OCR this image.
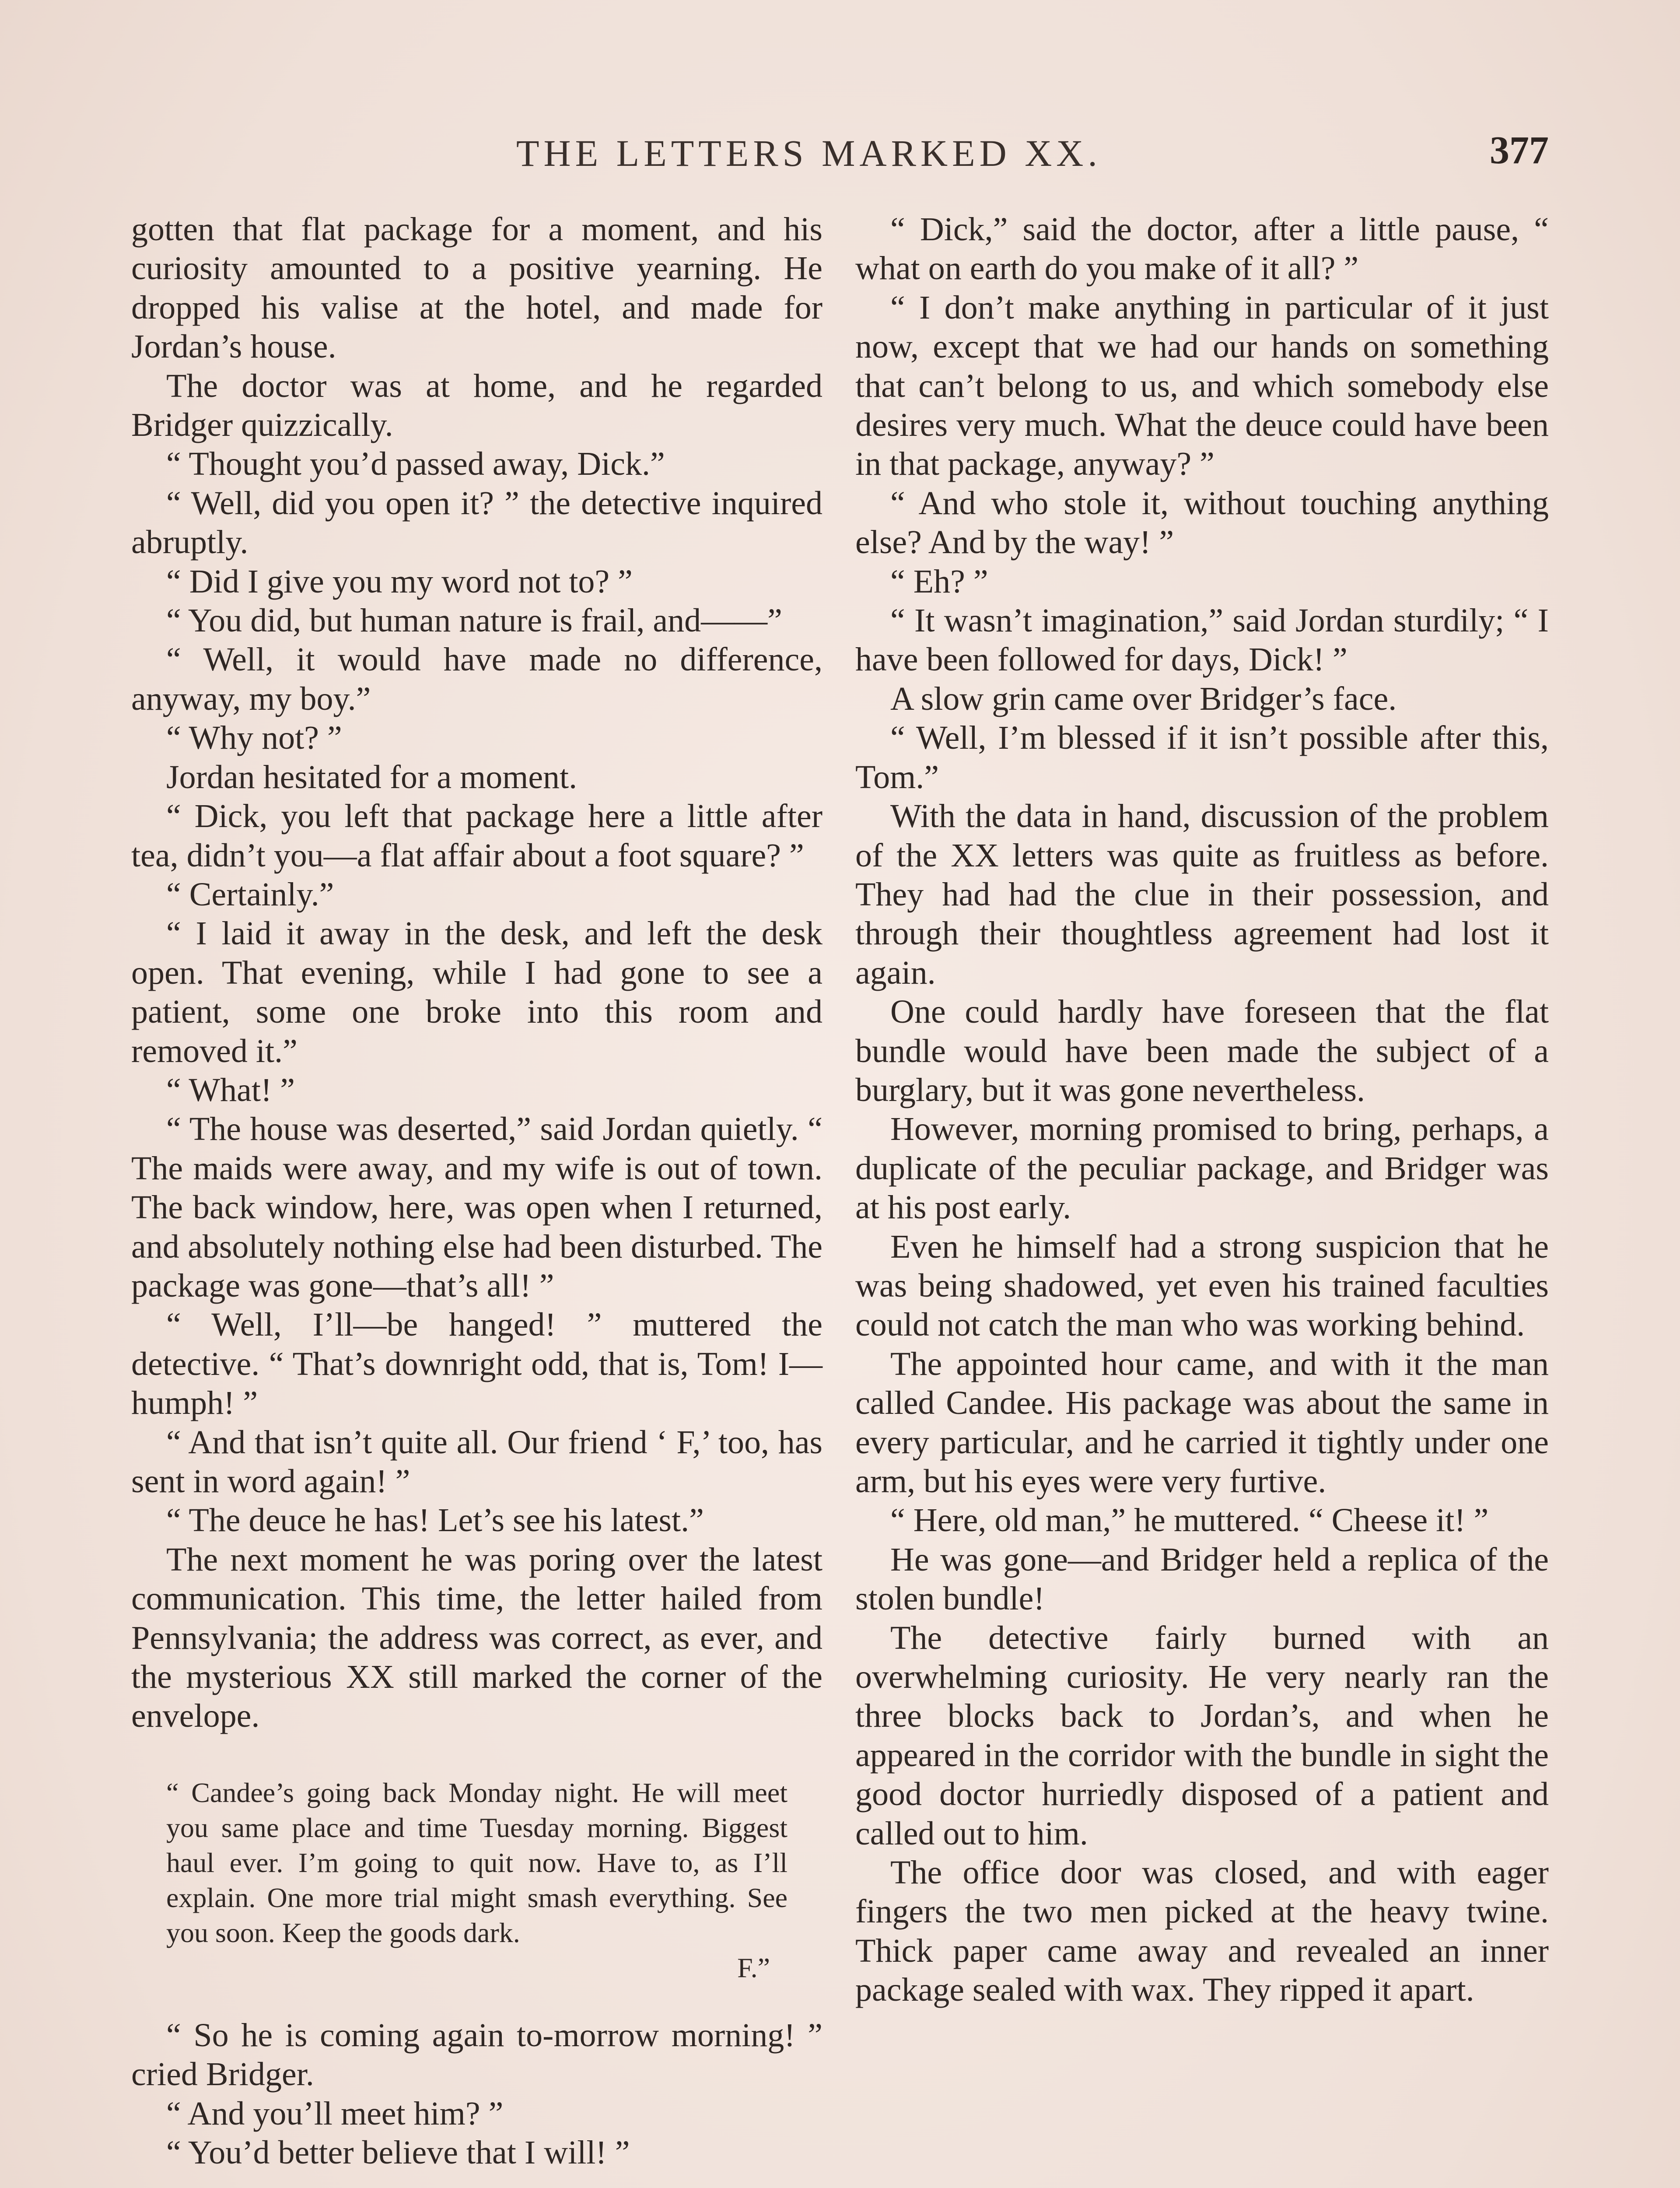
THE LETTERS MARKED XX.	377

gotten that flat package for a moment, and his curiosity amounted to a positive yearning. He dropped his valise at the hotel, and made for Jordan’s house.

The doctor was at home, and he regarded Bridger quizzically.

“ Thought you’d passed away, Dick.”

“ Well, did you open it? ” the detective inquired abruptly.

“ Did I give you my word not to? ”

“ You did, but human nature is frail, and——”

“ Well, it would have made no difference, anyway, my boy.”

“ Why not? ”

Jordan hesitated for a moment.

“ Dick, you left that package here a little after tea, didn’t you—a flat affair about a foot square? ”

“ Certainly.”

“ I laid it away in the desk, and left the desk open. That evening, while I had gone to see a patient, some one broke into this room and removed it.”

“ What! ”

“ The house was deserted,” said Jordan quietly. “ The maids were away, and my wife is out of town. The back window, here, was open when I returned, and absolutely nothing else had been disturbed. The package was gone—that’s all! ”

“ Well, I’ll—be hanged! ” muttered the detective. “ That’s downright odd, that is, Tom! I—humph! ”

“ And that isn’t quite all. Our friend ‘ F,’ too, has sent in word again! ”

“ The deuce he has! Let’s see his latest.”

The next moment he was poring over the latest communication. This time, the letter hailed from Pennsylvania; the address was correct, as ever, and the mysterious XX still marked the corner of the envelope.

“ Candee’s going back Monday night. He will meet you same place and time Tuesday morning. Biggest haul ever. I’m going to quit now. Have to, as I’ll explain. One more trial might smash everything. See you soon. Keep the goods dark.
F.”

“ So he is coming again to-morrow morning! ” cried Bridger.

“ And you’ll meet him? ”

“ You’d better believe that I will! ”

“ Dick,” said the doctor, after a little pause, “ what on earth do you make of it all? ”

“ I don’t make anything in particular of it just now, except that we had our hands on something that can’t belong to us, and which somebody else desires very much. What the deuce could have been in that package, anyway? ”

“ And who stole it, without touching anything else? And by the way! ”

“ Eh? ”

“ It wasn’t imagination,” said Jordan sturdily; “ I have been followed for days, Dick! ”

A slow grin came over Bridger’s face.

“ Well, I’m blessed if it isn’t possible after this, Tom.”

With the data in hand, discussion of the problem of the XX letters was quite as fruitless as before. They had had the clue in their possession, and through their thoughtless agreement had lost it again.

One could hardly have foreseen that the flat bundle would have been made the subject of a burglary, but it was gone nevertheless.

However, morning promised to bring, perhaps, a duplicate of the peculiar package, and Bridger was at his post early.

Even he himself had a strong suspicion that he was being shadowed, yet even his trained faculties could not catch the man who was working behind.

The appointed hour came, and with it the man called Candee. His package was about the same in every particular, and he carried it tightly under one arm, but his eyes were very furtive.

“ Here, old man,” he muttered. “ Cheese it! ”

He was gone—and Bridger held a replica of the stolen bundle!

The detective fairly burned with an overwhelming curiosity. He very nearly ran the three blocks back to Jordan’s, and when he appeared in the corridor with the bundle in sight the good doctor hurriedly disposed of a patient and called out to him.

The office door was closed, and with eager fingers the two men picked at the heavy twine. Thick paper came away and revealed an inner package sealed with wax. They ripped it apart.
